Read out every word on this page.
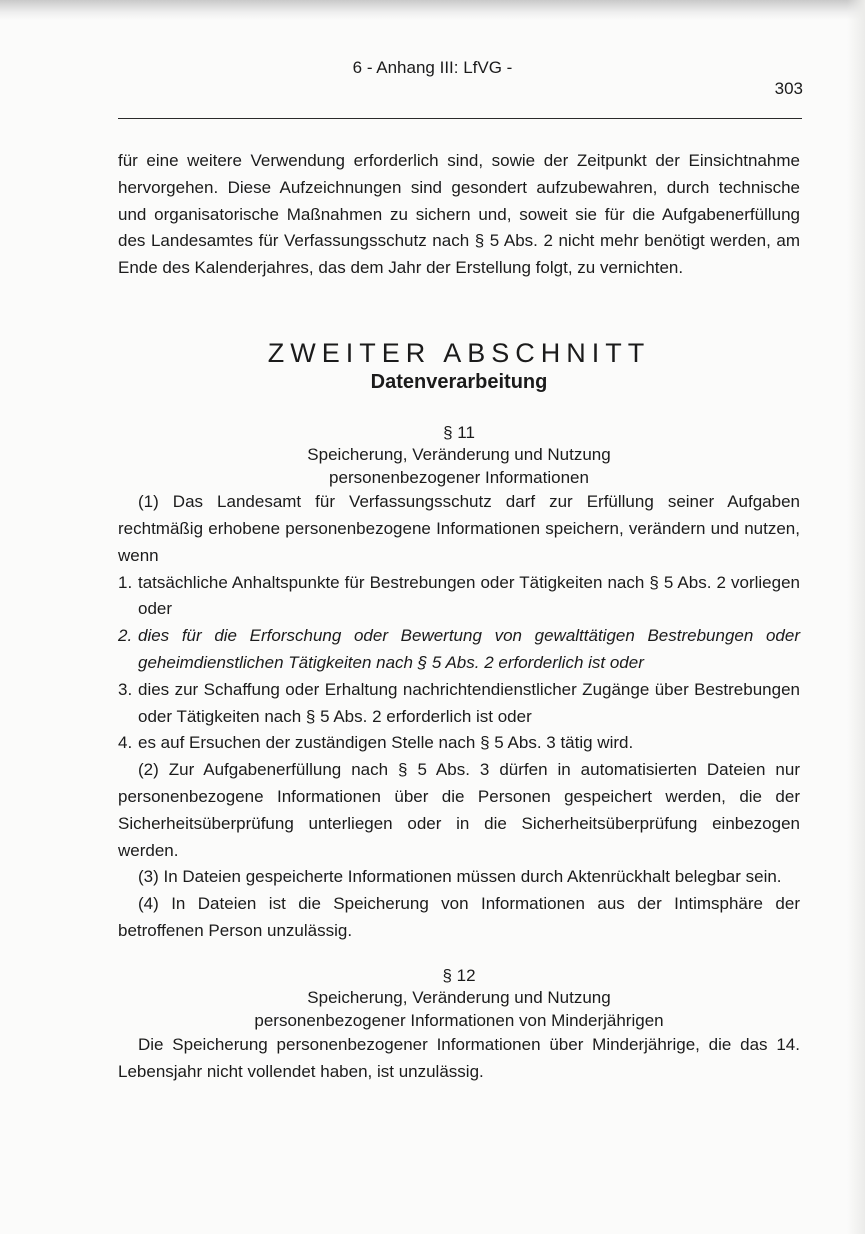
6 - Anhang III: LfVG -
303

für eine weitere Verwendung erforderlich sind, sowie der Zeitpunkt der Einsichtnahme hervorgehen. Diese Aufzeichnungen sind gesondert aufzubewahren, durch technische und organisatorische Maßnahmen zu sichern und, soweit sie für die Aufgabenerfüllung des Landesamtes für Verfassungsschutz nach § 5 Abs. 2 nicht mehr benötigt werden, am Ende des Kalenderjahres, das dem Jahr der Erstellung folgt, zu vernichten.

ZWEITER ABSCHNITT
Datenverarbeitung
§ 11
Speicherung, Veränderung und Nutzung
personenbezogener Informationen

(1) Das Landesamt für Verfassungsschutz darf zur Erfüllung seiner Aufgaben rechtmäßig erhobene personenbezogene Informationen speichern, verändern und nutzen, wenn

1. tatsächliche Anhaltspunkte für Bestrebungen oder Tätigkeiten nach § 5 Abs. 2 vorliegen oder
2. dies für die Erforschung oder Bewertung von gewalttätigen Bestrebungen oder geheimdienstlichen Tätigkeiten nach § 5 Abs. 2 erforderlich ist oder
3. dies zur Schaffung oder Erhaltung nachrichtendienstlicher Zugänge über Bestrebungen oder Tätigkeiten nach § 5 Abs. 2 erforderlich ist oder
4. es auf Ersuchen der zuständigen Stelle nach § 5 Abs. 3 tätig wird.

(2) Zur Aufgabenerfüllung nach § 5 Abs. 3 dürfen in automatisierten Dateien nur personenbezogene Informationen über die Personen gespeichert werden, die der Sicherheitsüberprüfung unterliegen oder in die Sicherheitsüberprüfung einbezogen werden.

(3) In Dateien gespeicherte Informationen müssen durch Aktenrückhalt belegbar sein.

(4) In Dateien ist die Speicherung von Informationen aus der Intimsphäre der betroffenen Person unzulässig.

§ 12
Speicherung, Veränderung und Nutzung
personenbezogener Informationen von Minderjährigen

Die Speicherung personenbezogener Informationen über Minderjährige, die das 14. Lebensjahr nicht vollendet haben, ist unzulässig.
